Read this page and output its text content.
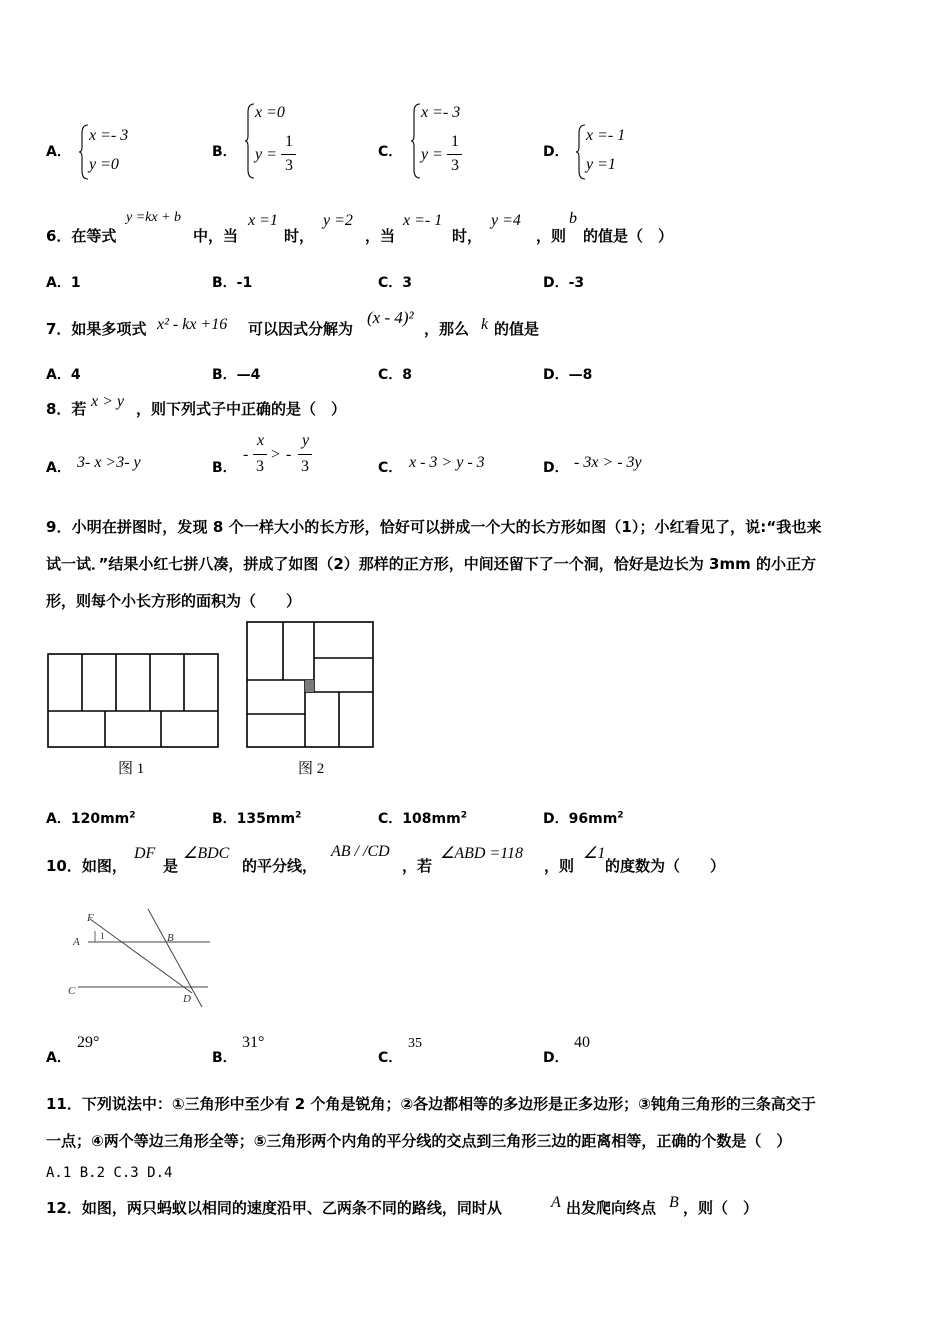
A．
x =- 3
y =0
B．
x =0
y =
1
3
C．
x =- 3
y =
1
3
D．
x =- 1
y =1
6．在等式
y =kx + b
中，当
x =1
时，
y =2
，当
x =- 1
时，
y =4
，则
b
的值是（　）
A．1	B．-1	C．3	D．-3
7．如果多项式 x² - kx +16 可以因式分解为
(x - 4)²
，那么 k 的值是
A．4	B．—4	C．8	D．—8
8．若 x > y ，则下列式子中正确的是（　）
A． 3- x >3- y	B．
-
x
3
> -
y
3	C． x - 3 > y - 3	D． - 3x > - 3y
9．小明在拼图时，发现 8 个一样大小的长方形，恰好可以拼成一个大的长方形如图（1）；小红看见了，说:“我也来
试一试．”结果小红七拼八凑，拼成了如图（2）那样的正方形，中间还留下了一个洞，恰好是边长为 3mm 的小正方
形，则每个小长方形的面积为（　　）
图 1	图 2
A．$120mm^2$	B．$135mm^2$	C．$108mm^2$	D．$96mm^2$
10．如图，
DF
是
∠BDC
的平分线，
AB / /CD
，若
∠ABD =118
，则
∠1
的度数为（　　）
F
A 1	B
C
D
A．
29°
B．
31°
C．
35
D．
40
11．下列说法中：①三角形中至少有 2 个角是锐角；②各边都相等的多边形是正多边形；③钝角三角形的三条高交于
一点；④两个等边三角形全等；⑤三角形两个内角的平分线的交点到三角形三边的距离相等，正确的个数是（　）
A.1 B.2 C.3 D.4
12．如图，两只蚂蚁以相同的速度沿甲、乙两条不同的路线，同时从	A 出发爬向终点 B ，则（　）
